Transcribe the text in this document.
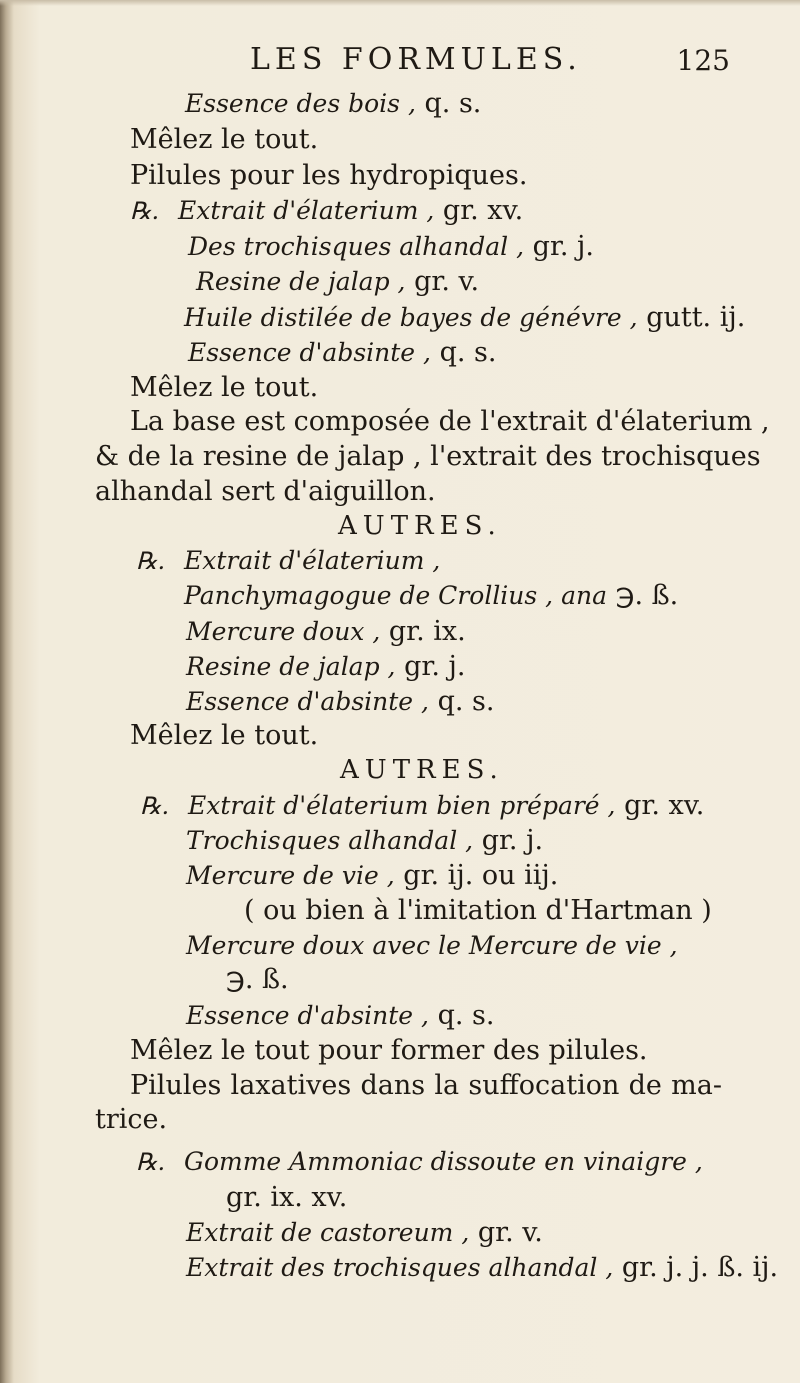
LES FORMULES.	125
Essence des bois , q. s.
Mêlez le tout.
Pilules pour les hydropiques.
℞. Extrait d'élaterium , gr. xv.
Des trochisques alhandal , gr. j.
Resine de jalap , gr. v.
Huile distilée de bayes de génévre , gutt. ij.
Essence d'absinte , q. s.
Mêlez le tout.
La base est composée de l'extrait d'élaterium ,
& de la resine de jalap , l'extrait des trochisques
alhandal sert d'aiguillon.
AUTRES.
℞. Extrait d'élaterium ,
Panchymagogue de Crollius , ana ℈. ß.
Mercure doux , gr. ix.
Resine de jalap , gr. j.
Essence d'absinte , q. s.
Mêlez le tout.
AUTRES.
℞. Extrait d'élaterium bien préparé , gr. xv.
Trochisques alhandal , gr. j.
Mercure de vie , gr. ij. ou iij.
( ou bien à l'imitation d'Hartman )
Mercure doux avec le Mercure de vie ,
℈. ß.
Essence d'absinte , q. s.
Mêlez le tout pour former des pilules.
Pilules laxatives dans la suffocation de ma-
trice.
℞. Gomme Ammoniac dissoute en vinaigre ,
gr. ix. xv.
Extrait de castoreum , gr. v.
Extrait des trochisques alhandal , gr. j. j. ß. ij.
